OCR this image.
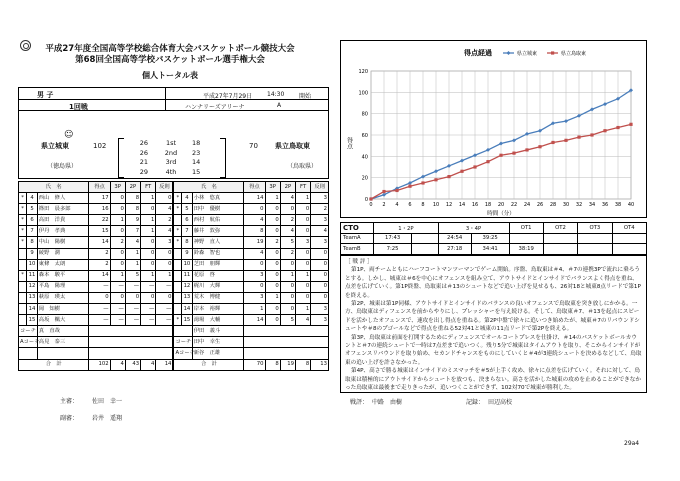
平成27年度全国高等学校総合体育大会バスケットボール競技大会
第68回全国高等学校バスケットボール選手権大会
個人トータル表
男 子	平成27年7月29日 14:30 開始
1回戦	ハンナリーズアリーナ	A
☺
県立城東	102
（徳島県）
70 県立鳥取東
（鳥取県）
26	1st	18
26	2nd	23
21	3rd	14
29	4th	15
氏　名			得点	3P	2P	FT	反則	氏　名			得点	3P	2P	FT	反則
*	4	西山　修人	17	0	8	1	0	*	4	小林　悠真	14	1	4	1	3
*	5	篠田　晨多郎	16	0	8	0	4	*	5	田中　優樹	0	0	0	0	2
*	6	高田　洋貴	22	1	9	1	2		6	西村　航佑	4	0	2	0	3
*	7	伊丹　孝典	15	0	7	1	4	*	7	藤井　敦弥	8	0	4	0	4
*	8	中山　陽樹	14	2	4	0	3	*	8	神野　直人	19	2	5	3	3
	9	綾野　潤	2	0	1	0	0		9	鈴森　智也	4	0	2	0	0
	10	東條　太朗	2	0	1	0	0		10	芝田　朋輝	0	0	0	0	0
*	11	森本　駿平	14	1	5	1	1		11	花原　啓	3	0	1	1	0
	12	平島　陽理	—	—	—	—	—		12	梶川　大輝	0	0	0	0	0
	13	萩原　瑛太	0	0	0	0	0		13	荒木　博健	3	1	0	0	0
	14	岡　知樹	—	—	—	—	—		14	岸本　裕輝	1	0	0	1	3
	15	高坂　楓大	—	—	—	—	—	*	15	湯場　大輔	14	0	5	4	3
コーチ		真　直哉								伊田　義斗					
Aコーチ		高見　泰三						コーチ		田中　幸生					
								Aコーチ		新谷　正雄					
合　計			102	4	43	4	14	合　計			70	8	19	8	13
主審： 佐田　幸一
副審： 岩井　遥翔
得点経過	県立城東	県立鳥取東
得点
時間（分）
0
20
40
60
80
100
120
0 2 4 6 8 10 12 14 16 18 20 22 24 26 28 30 32 34 36 38 40
CTO	1・2P		3・4P		OT1	OT2	OT3	OT4
TeamA	17:43		24:54	39:25				
TeamB	7:25		27:18	34:41	38:19			
［ 戦 評 ］

第1P、両チームともにハーフコートマンツーマンでゲーム開始。序盤、鳥取東は＃4、＃7の連携3Pで流れに乗ろうとする。しかし、城東は＃6を中心にオフェンスを組み立て、アウトサイドとインサイドでバランスよく得点を重ね、点差を広げていく。第1P終盤、鳥取東は＃13のシュートなどで追い上げを見せるも、26対18と城東8点リードで第1Pを終える。

第2P、城東は第1P同様、アウトサイドとインサイドのバランスの良いオフェンスで鳥取東を突き放しにかかる。一方、鳥取東はディフェンスを前からやりにし、プレッシャーを与え続ける。そして、鳥取東＃7、＃13を起点にスピードを活かしたオフェンスで、速攻を出し得点を重ねる。第2P中盤で徐々に追いつき始めたが、城東＃7のリバウンドシュートや＃8のプゴールなどで得点を重ねる52対41と城東の11点リードで第2Pを終える。

第3P、鳥取東は前面を打開するためにディフェンスでオールコートプレスを仕掛け、＃14のバスケットボールカウントと＃7の連続シュートで一時は7点差まで追いつく。残り5分で城東はタイムアウトを取り、そこからインサイドがオフェンスリバウンドを取り始め、セカンドチャンスをものにしていくと＃4が3連続シュートを決めるなどして、鳥取東の追い上げを許さなかった。

第4P、高さで勝る城東はインサイドのミスマッチを＃5が上手く攻め、徐々に点差を広げていく。それに対して、鳥取東は積極的にアウトサイドからシュートを放つも、決まらない。高さを活かした城東の攻めを止めることができなかった鳥取東は最後まで走りきったが、追いつくことができず、102対70で城東が勝利した。

戦評： 中路　由樹	記録： 田辺高校
29a4
